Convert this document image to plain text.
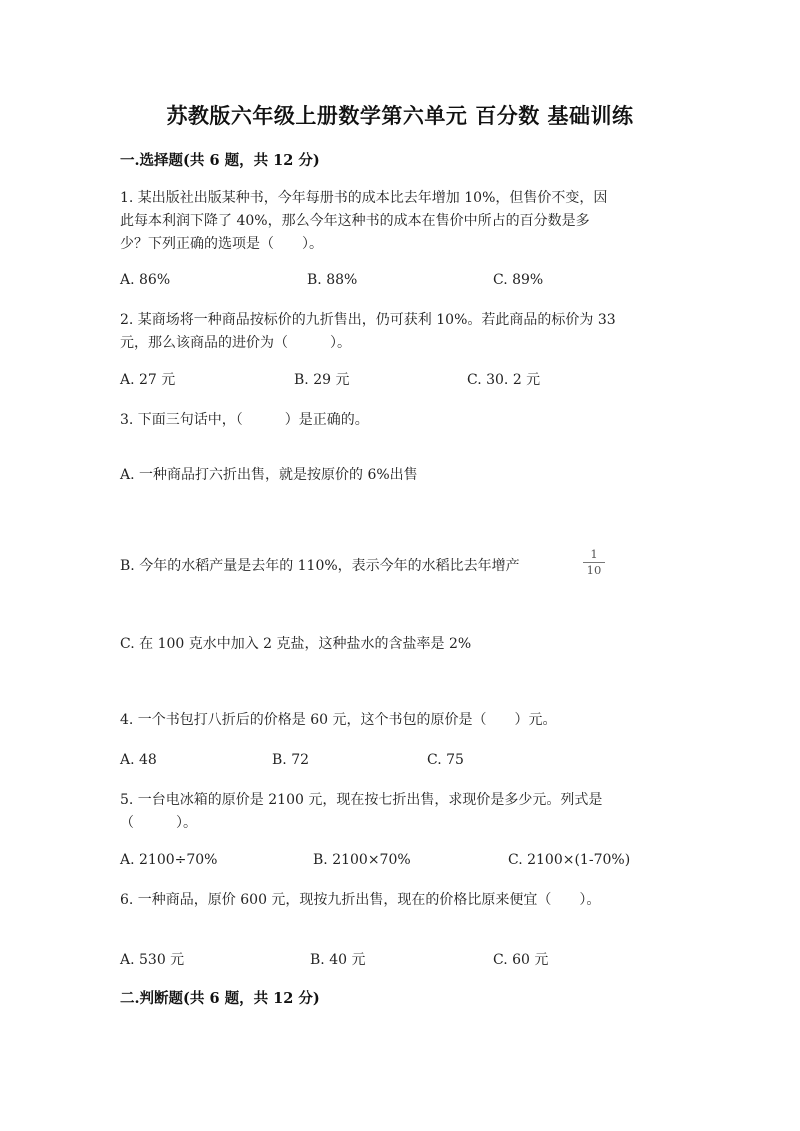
苏教版六年级上册数学第六单元 百分数 基础训练
一.选择题(共 6 题，共 12 分)
1. 某出版社出版某种书，今年每册书的成本比去年增加 10%，但售价不变，因
此每本利润下降了 40%，那么今年这种书的成本在售价中所占的百分数是多
少？下列正确的选项是（　　）。
A. 86%	B. 88%	C. 89%
2. 某商场将一种商品按标价的九折售出，仍可获利 10%。若此商品的标价为 33
元，那么该商品的进价为（　　　）。
A. 27 元	B. 29 元	C. 30. 2 元
3. 下面三句话中，（　　　）是正确的。
A. 一种商品打六折出售，就是按原价的 6%出售
B. 今年的水稻产量是去年的 110%，表示今年的水稻比去年增产
1
10
C. 在 100 克水中加入 2 克盐，这种盐水的含盐率是 2%
4. 一个书包打八折后的价格是 60 元，这个书包的原价是（　　）元。
A. 48	B. 72	C. 75
5. 一台电冰箱的原价是 2100 元，现在按七折出售，求现价是多少元。列式是
（　　　）。
A. 2100÷70%	B. 2100×70%	C. 2100×(1-70%)
6. 一种商品，原价 600 元，现按九折出售，现在的价格比原来便宜（　　）。
A. 530 元	B. 40 元	C. 60 元
二.判断题(共 6 题，共 12 分)
